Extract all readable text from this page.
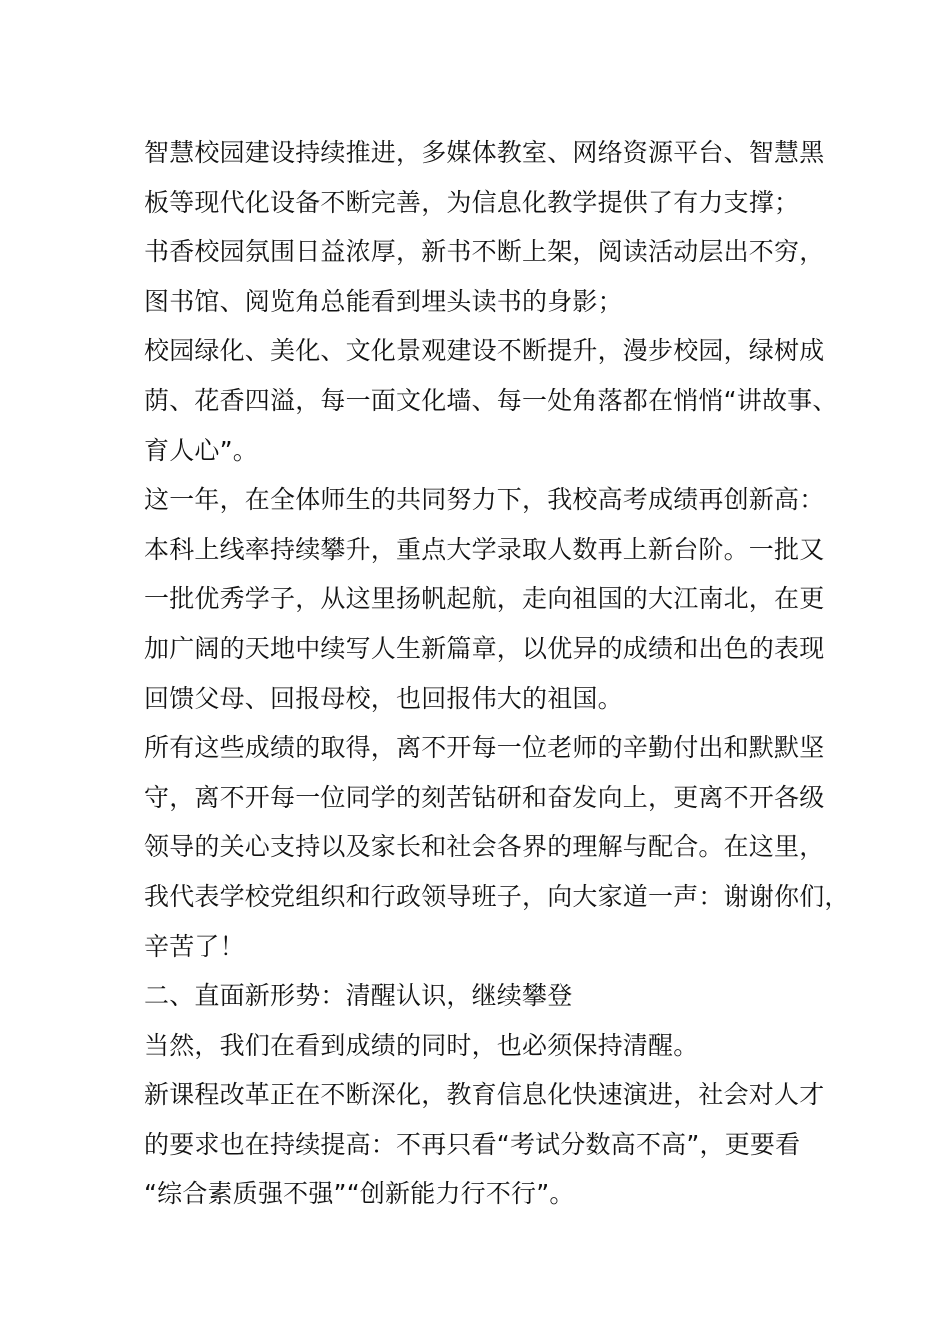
智慧校园建设持续推进，多媒体教室、网络资源平台、智慧黑
板等现代化设备不断完善，为信息化教学提供了有力支撑；
书香校园氛围日益浓厚，新书不断上架，阅读活动层出不穷，
图书馆、阅览角总能看到埋头读书的身影；
校园绿化、美化、文化景观建设不断提升，漫步校园，绿树成
荫、花香四溢，每一面文化墙、每一处角落都在悄悄“讲故事、
育人心”。
这一年，在全体师生的共同努力下，我校高考成绩再创新高：
本科上线率持续攀升，重点大学录取人数再上新台阶。一批又
一批优秀学子，从这里扬帆起航，走向祖国的大江南北，在更
加广阔的天地中续写人生新篇章，以优异的成绩和出色的表现
回馈父母、回报母校，也回报伟大的祖国。
所有这些成绩的取得，离不开每一位老师的辛勤付出和默默坚
守，离不开每一位同学的刻苦钻研和奋发向上，更离不开各级
领导的关心支持以及家长和社会各界的理解与配合。在这里，
我代表学校党组织和行政领导班子，向大家道一声：谢谢你们，
辛苦了！
二、直面新形势：清醒认识，继续攀登
当然，我们在看到成绩的同时，也必须保持清醒。
新课程改革正在不断深化，教育信息化快速演进，社会对人才
的要求也在持续提高：不再只看“考试分数高不高”，更要看
“综合素质强不强”“创新能力行不行”。
